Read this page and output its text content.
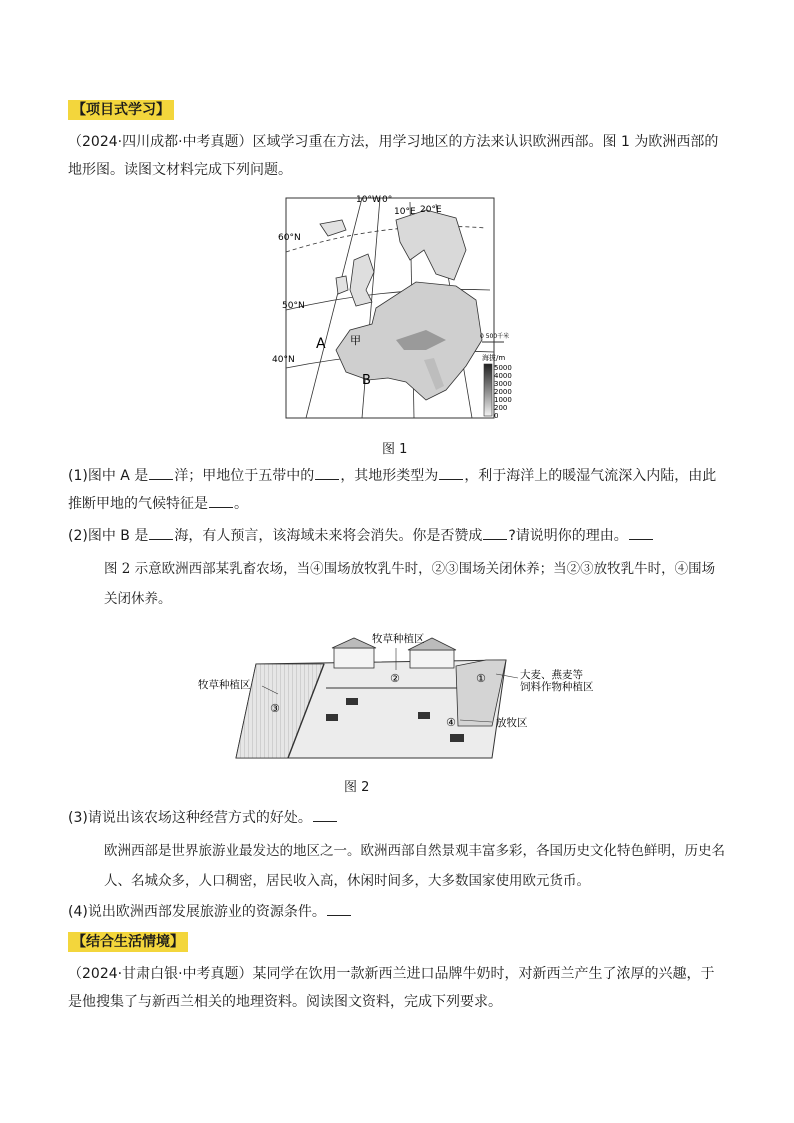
【项目式学习】
（2024·四川成都·中考真题）区域学习重在方法，用学习地区的方法来认识欧洲西部。图 1 为欧洲西部的地形图。读图文材料完成下列问题。
60°N
50°N
40°N
10°W 0°
10°E 20°E
A
B
甲	0 500千米
海拔/m
5000
4000
3000
2000
1000
200
0
图 1
(1)图中 A 是 洋；甲地位于五带中的 ，其地形类型为 ，利于海洋上的暖湿气流深入内陆，由此推断甲地的气候特征是 。
(2)图中 B 是 海，有人预言，该海域未来将会消失。你是否赞成 ?请说明你的理由。
图 2 示意欧洲西部某乳畜农场，当④围场放牧乳牛时，②③围场关闭休养；当②③放牧乳牛时，④围场关闭休养。
牧草种植区
牧草种植区
大麦、燕麦等
饲料作物种植区
放牧区
①
②
③
④
图 2
(3)请说出该农场这种经营方式的好处。
欧洲西部是世界旅游业最发达的地区之一。欧洲西部自然景观丰富多彩，各国历史文化特色鲜明，历史名人、名城众多，人口稠密，居民收入高，休闲时间多，大多数国家使用欧元货币。
(4)说出欧洲西部发展旅游业的资源条件。
【结合生活情境】
（2024·甘肃白银·中考真题）某同学在饮用一款新西兰进口品牌牛奶时，对新西兰产生了浓厚的兴趣，于是他搜集了与新西兰相关的地理资料。阅读图文资料，完成下列要求。
